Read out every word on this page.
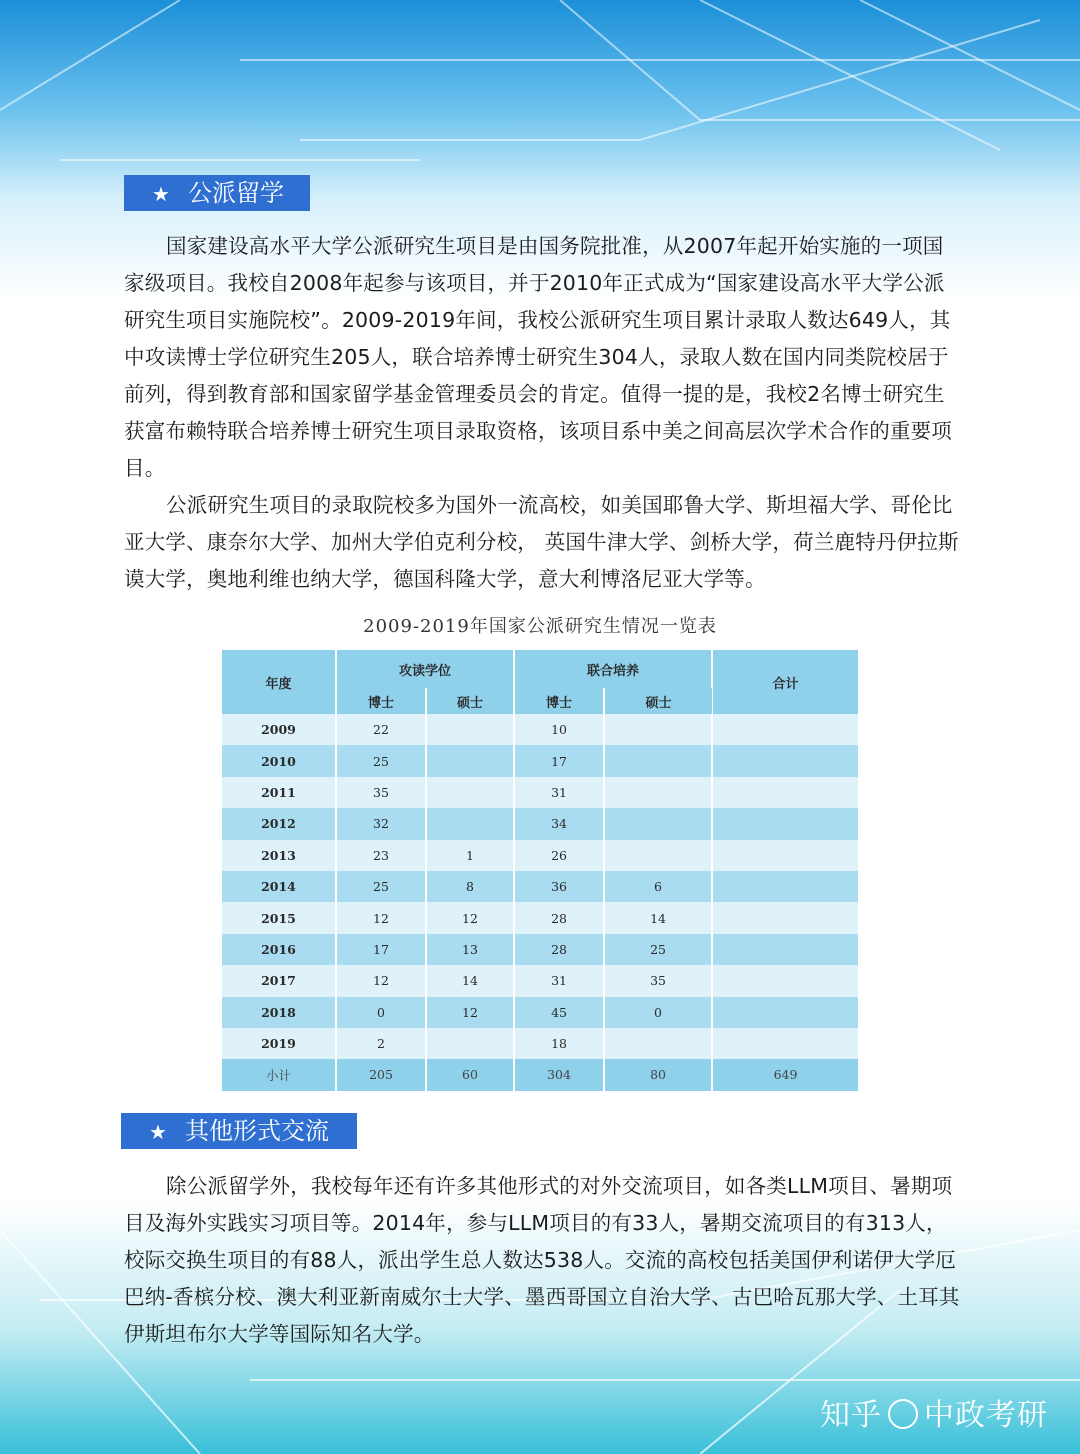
★ 公派留学

国家建设高水平大学公派研究生项目是由国务院批准，从2007年起开始实施的一项国家级项目。我校自2008年起参与该项目，并于2010年正式成为“国家建设高水平大学公派研究生项目实施院校”。2009-2019年间，我校公派研究生项目累计录取人数达649人，其中攻读博士学位研究生205人，联合培养博士研究生304人，录取人数在国内同类院校居于前列，得到教育部和国家留学基金管理委员会的肯定。值得一提的是，我校2名博士研究生获富布赖特联合培养博士研究生项目录取资格，该项目系中美之间高层次学术合作的重要项目。

公派研究生项目的录取院校多为国外一流高校，如美国耶鲁大学、斯坦福大学、哥伦比亚大学、康奈尔大学、加州大学伯克利分校， 英国牛津大学、剑桥大学，荷兰鹿特丹伊拉斯谟大学，奥地利维也纳大学，德国科隆大学，意大利博洛尼亚大学等。

2009-2019年国家公派研究生情况一览表
年度	攻读学位		联合培养		合计
	博士	硕士	博士	硕士	
2009	22		10		
2010	25		17		
2011	35		31		
2012	32		34		
2013	23	1	26		
2014	25	8	36	6	
2015	12	12	28	14	
2016	17	13	28	25	
2017	12	14	31	35	
2018	0	12	45	0	
2019	2		18		
小计	205	60	304	80	649
★ 其他形式交流

除公派留学外，我校每年还有许多其他形式的对外交流项目，如各类LLM项目、暑期项目及海外实践实习项目等。2014年，参与LLM项目的有33人，暑期交流项目的有313人，校际交换生项目的有88人，派出学生总人数达538人。交流的高校包括美国伊利诺伊大学厄巴纳-香槟分校、澳大利亚新南威尔士大学、墨西哥国立自治大学、古巴哈瓦那大学、土耳其伊斯坦布尔大学等国际知名大学。

知乎 中政考研
